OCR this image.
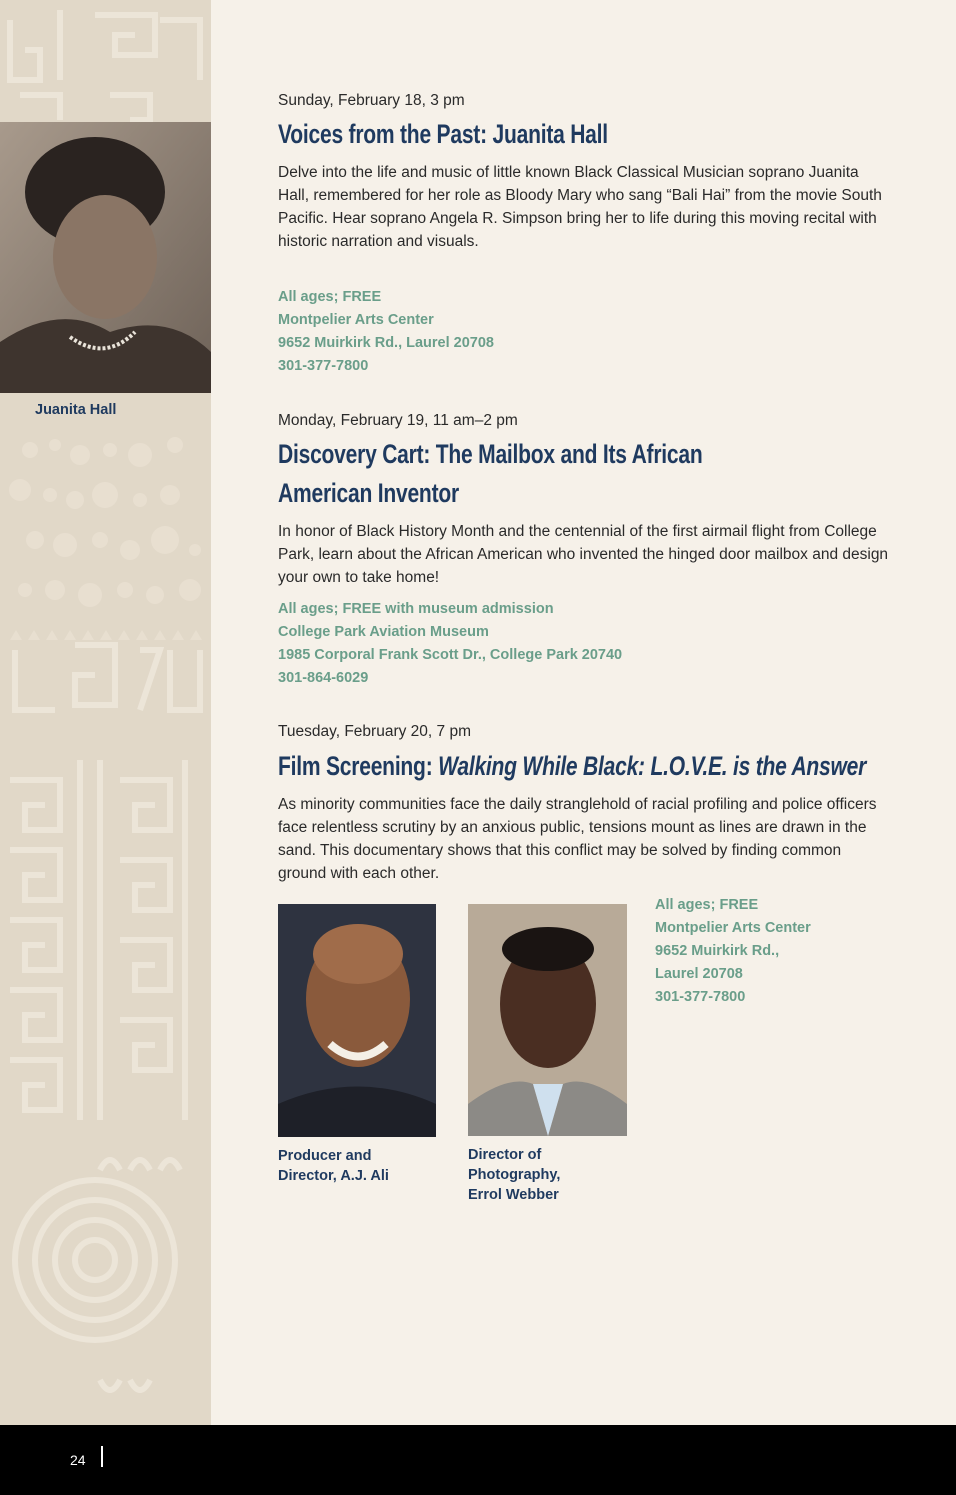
Juanita Hall
Sunday, February 18, 3 pm
Voices from the Past: Juanita Hall
Delve into the life and music of little known Black Classical Musician soprano Juanita Hall, remembered for her role as Bloody Mary who sang “Bali Hai” from the movie South Pacific. Hear soprano Angela R. Simpson bring her to life during this moving recital with historic narration and visuals.
All ages; FREE
Montpelier Arts Center
9652 Muirkirk Rd., Laurel 20708
301-377-7800
Monday, February 19, 11 am–2 pm
Discovery Cart: The Mailbox and Its African
American Inventor
In honor of Black History Month and the centennial of the first airmail flight from College Park, learn about the African American who invented the hinged door mailbox and design your own to take home!
All ages; FREE with museum admission
College Park Aviation Museum
1985 Corporal Frank Scott Dr., College Park 20740
301-864-6029
Tuesday, February 20, 7 pm
Film Screening: Walking While Black: L.O.V.E. is the Answer
As minority communities face the daily stranglehold of racial profiling and police officers face relentless scrutiny by an anxious public, tensions mount as lines are drawn in the sand. This documentary shows that this conflict may be solved by finding common ground with each other.
Producer and
Director, A.J. Ali
Director of
Photography,
Errol Webber
All ages; FREE
Montpelier Arts Center
9652 Muirkirk Rd.,
Laurel 20708
301-377-7800
24
